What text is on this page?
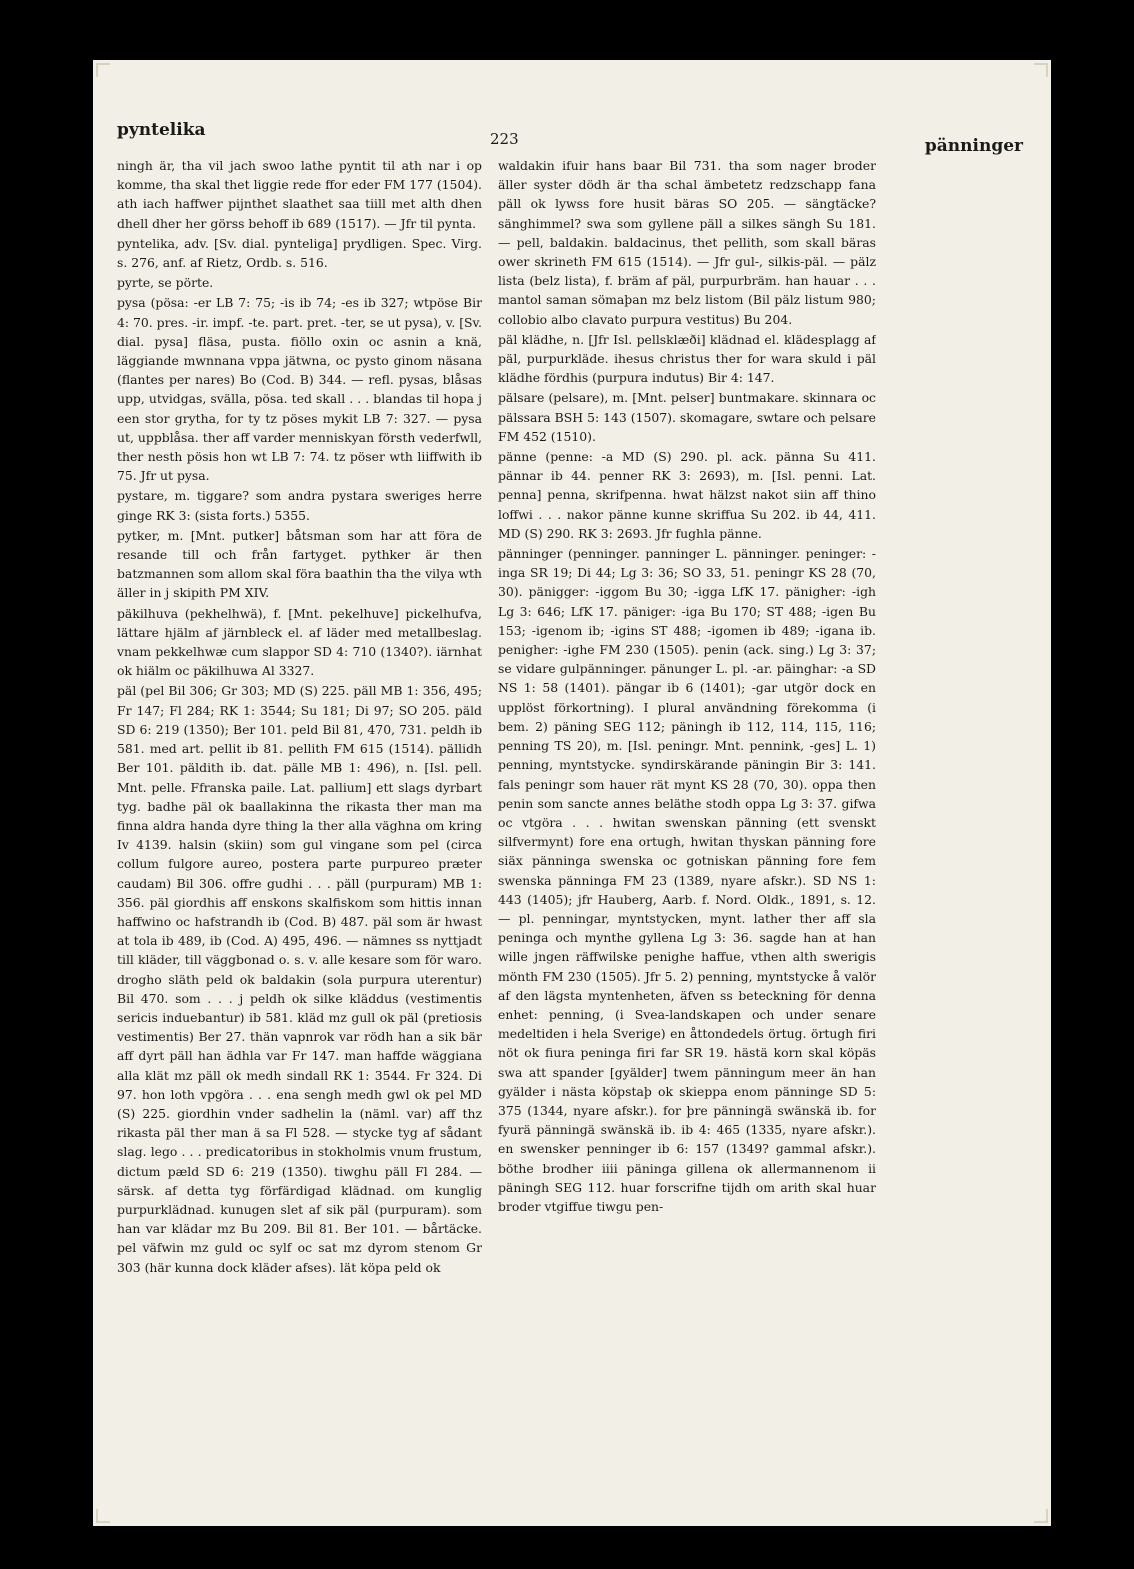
pyntelika	223	pänninger

ningh är, tha vil jach swoo lathe pyntit til ath nar i op komme, tha skal thet liggie rede ffor eder FM 177 (1504). ath iach haffwer pijnthet slaathet saa tiill met alth dhen dhell dher her görss behoff ib 689 (1517). — Jfr til pynta.

pyntelika, adv. [Sv. dial. pynteliga] prydligen. Spec. Virg. s. 276, anf. af Rietz, Ordb. s. 516.

pyrte, se pörte.

pysa (pösa: -er LB 7: 75; -is ib 74; -es ib 327; wtpöse Bir 4: 70. pres. -ir. impf. -te. part. pret. -ter, se ut pysa), v. [Sv. dial. pysa] fläsa, pusta. fiöllo oxin oc asnin a knä, läggiande mwnnana vppa jätwna, oc pysto ginom näsana (flantes per nares) Bo (Cod. B) 344. — refl. pysas, blåsas upp, utvidgas, svälla, pösa. ted skall . . . blandas til hopa j een stor grytha, for ty tz pöses mykit LB 7: 327. — pysa ut, uppblåsa. ther aff varder menniskyan försth vederfwll, ther nesth pösis hon wt LB 7: 74. tz pöser wth liiffwith ib 75. Jfr ut pysa.

pystare, m. tiggare? som andra pystara sweriges herre ginge RK 3: (sista forts.) 5355.

pytker, m. [Mnt. putker] båtsman som har att föra de resande till och från fartyget. pythker är then batzmannen som allom skal föra baathin tha the vilya wth äller in j skipith PM XIV.

päkilhuva (pekhelhwä), f. [Mnt. pekelhuve] pickelhufva, lättare hjälm af järnbleck el. af läder med metallbeslag. vnam pekkelhwæ cum slappor SD 4: 710 (1340?). iärnhat ok hiälm oc päkilhuwa Al 3327.

päl (pel Bil 306; Gr 303; MD (S) 225. päll MB 1: 356, 495; Fr 147; Fl 284; RK 1: 3544; Su 181; Di 97; SO 205. päld SD 6: 219 (1350); Ber 101. peld Bil 81, 470, 731. peldh ib 581. med art. pellit ib 81. pellith FM 615 (1514). pällidh Ber 101. päldith ib. dat. pälle MB 1: 496), n. [Isl. pell. Mnt. pelle. Ffranska paile. Lat. pallium] ett slags dyrbart tyg. badhe päl ok baallakinna the rikasta ther man ma finna aldra handa dyre thing la ther alla väghna om kring Iv 4139. halsin (skiin) som gul vingane som pel (circa collum fulgore aureo, postera parte purpureo præter caudam) Bil 306. offre gudhi . . . päll (purpuram) MB 1: 356. päl giordhis aff enskons skalfiskom som hittis innan haffwino oc hafstrandh ib (Cod. B) 487. päl som är hwast at tola ib 489, ib (Cod. A) 495, 496. — nämnes ss nyttjadt till kläder, till väggbonad o. s. v. alle kesare som för waro. drogho släth peld ok baldakin (sola purpura uterentur) Bil 470. som . . . j peldh ok silke kläddus (vestimentis sericis induebantur) ib 581. kläd mz gull ok päl (pretiosis vestimentis) Ber 27. thän vapnrok var rödh han a sik bär aff dyrt päll han ädhla var Fr 147. man haffde wäggiana alla klät mz päll ok medh sindall RK 1: 3544. Fr 324. Di 97. hon loth vpgöra . . . ena sengh medh gwl ok pel MD (S) 225. giordhin vnder sadhelin la (näml. var) aff thz rikasta päl ther man ä sa Fl 528. — stycke tyg af sådant slag. lego . . . predicatoribus in stokholmis vnum frustum, dictum pæld SD 6: 219 (1350). tiwghu päll Fl 284. — särsk. af detta tyg förfärdigad klädnad. om kunglig purpurklädnad. kunugen slet af sik päl (purpuram). som han var klädar mz Bu 209. Bil 81. Ber 101. — bårtäcke. pel väfwin mz guld oc sylf oc sat mz dyrom stenom Gr 303 (här kunna dock kläder afses). lät köpa peld ok

waldakin ifuir hans baar Bil 731. tha som nager broder äller syster dödh är tha schal ämbetetz redzschapp fana päll ok lywss fore husit bäras SO 205. — sängtäcke? sänghimmel? swa som gyllene päll a silkes sängh Su 181. — pell, baldakin. baldacinus, thet pellith, som skall bäras ower skrineth FM 615 (1514). — Jfr gul-, silkis-päl. — pälz lista (belz lista), f. bräm af päl, purpurbräm. han hauar . . . mantol saman sömaþan mz belz listom (Bil pälz listum 980; collobio albo clavato purpura vestitus) Bu 204.

päl klädhe, n. [Jfr Isl. pellsklæði] klädnad el. klädesplagg af päl, purpurkläde. ihesus christus ther for wara skuld i päl klädhe fördhis (purpura indutus) Bir 4: 147.

pälsare (pelsare), m. [Mnt. pelser] buntmakare. skinnara oc pälssara BSH 5: 143 (1507). skomagare, swtare och pelsare FM 452 (1510).

pänne (penne: -a MD (S) 290. pl. ack. pänna Su 411. pännar ib 44. penner RK 3: 2693), m. [Isl. penni. Lat. penna] penna, skrifpenna. hwat hälzst nakot siin aff thino loffwi . . . nakor pänne kunne skriffua Su 202. ib 44, 411. MD (S) 290. RK 3: 2693. Jfr fughla pänne.

pänninger (penninger. panninger L. pänninger. peninger: -inga SR 19; Di 44; Lg 3: 36; SO 33, 51. peningr KS 28 (70, 30). pänigger: -iggom Bu 30; -igga LfK 17. pänigher: -igh Lg 3: 646; LfK 17. päniger: -iga Bu 170; ST 488; -igen Bu 153; -igenom ib; -igins ST 488; -igomen ib 489; -igana ib. penigher: -ighe FM 230 (1505). penin (ack. sing.) Lg 3: 37; se vidare gulpänninger. pänunger L. pl. -ar. päinghar: -a SD NS 1: 58 (1401). pängar ib 6 (1401); -gar utgör dock en upplöst förkortning). I plural användning förekomma (i bem. 2) päning SEG 112; päningh ib 112, 114, 115, 116; penning TS 20), m. [Isl. peningr. Mnt. pennink, -ges] L. 1) penning, myntstycke. syndirskärande päningin Bir 3: 141. fals peningr som hauer rät mynt KS 28 (70, 30). oppa then penin som sancte annes beläthe stodh oppa Lg 3: 37. gifwa oc vtgöra . . . hwitan swenskan pänning (ett svenskt silfvermynt) fore ena ortugh, hwitan thyskan pänning fore siäx pänninga swenska oc gotniskan pänning fore fem swenska pänninga FM 23 (1389, nyare afskr.). SD NS 1: 443 (1405); jfr Hauberg, Aarb. f. Nord. Oldk., 1891, s. 12. — pl. penningar, myntstycken, mynt. lather ther aff sla peninga och mynthe gyllena Lg 3: 36. sagde han at han wille jngen räffwilske penighe haffue, vthen alth swerigis mönth FM 230 (1505). Jfr 5. 2) penning, myntstycke å valör af den lägsta myntenheten, äfven ss beteckning för denna enhet: penning, (i Svea-landskapen och under senare medeltiden i hela Sverige) en åttondedels örtug. örtugh firi nöt ok fiura peninga firi far SR 19. hästä korn skal köpäs swa att spander [gyälder] twem pänningum meer än han gyälder i nästa köpstaþ ok skieppa enom pänninge SD 5: 375 (1344, nyare afskr.). for þre pänningä swänskä ib. for fyurä pänningä swänskä ib. ib 4: 465 (1335, nyare afskr.). en swensker penninger ib 6: 157 (1349? gammal afskr.). böthe brodher iiii päninga gillena ok allermannenom ii päningh SEG 112. huar forscrifne tijdh om arith skal huar broder vtgiffue tiwgu pen-
